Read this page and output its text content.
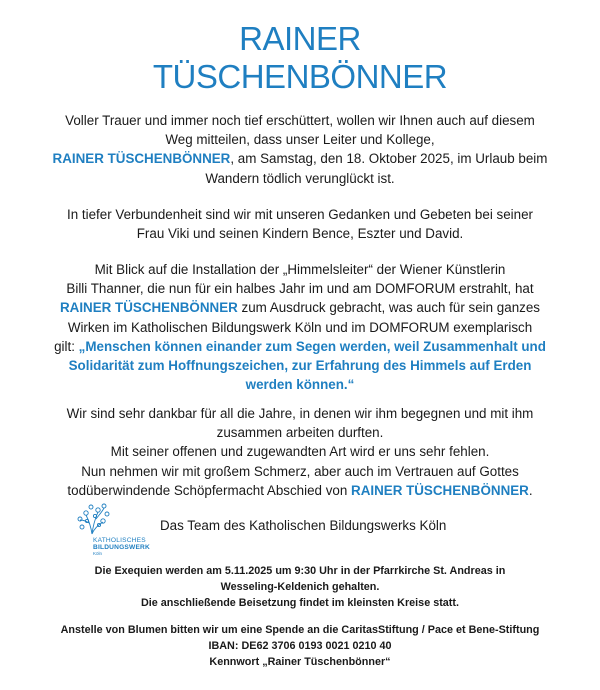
RAINER
TÜSCHENBÖNNER
Voller Trauer und immer noch tief erschüttert, wollen wir Ihnen auch auf diesem
Weg mitteilen, dass unser Leiter und Kollege,
RAINER TÜSCHENBÖNNER, am Samstag, den 18. Oktober 2025, im Urlaub beim
Wandern tödlich verunglückt ist.
In tiefer Verbundenheit sind wir mit unseren Gedanken und Gebeten bei seiner
Frau Viki und seinen Kindern Bence, Eszter und David.
Mit Blick auf die Installation der „Himmelsleiter“ der Wiener Künstlerin
Billi Thanner, die nun für ein halbes Jahr im und am DOMFORUM erstrahlt, hat
RAINER TÜSCHENBÖNNER zum Ausdruck gebracht, was auch für sein ganzes
Wirken im Katholischen Bildungswerk Köln und im DOMFORUM exemplarisch
gilt: „Menschen können einander zum Segen werden, weil Zusammenhalt und
Solidarität zum Hoffnungszeichen, zur Erfahrung des Himmels auf Erden
werden können.“
Wir sind sehr dankbar für all die Jahre, in denen wir ihm begegnen und mit ihm
zusammen arbeiten durften.
Mit seiner offenen und zugewandten Art wird er uns sehr fehlen.
Nun nehmen wir mit großem Schmerz, aber auch im Vertrauen auf Gottes
todüberwindende Schöpfermacht Abschied von RAINER TÜSCHENBÖNNER.
KATHOLISCHES
BILDUNGSWERK
Köln
Das Team des Katholischen Bildungswerks Köln
Die Exequien werden am 5.11.2025 um 9:30 Uhr in der Pfarrkirche St. Andreas in
Wesseling-Keldenich gehalten.
Die anschließende Beisetzung findet im kleinsten Kreise statt.
Anstelle von Blumen bitten wir um eine Spende an die CaritasStiftung / Pace et Bene-Stiftung
IBAN: DE62 3706 0193 0021 0210 40
Kennwort „Rainer Tüschenbönner“
